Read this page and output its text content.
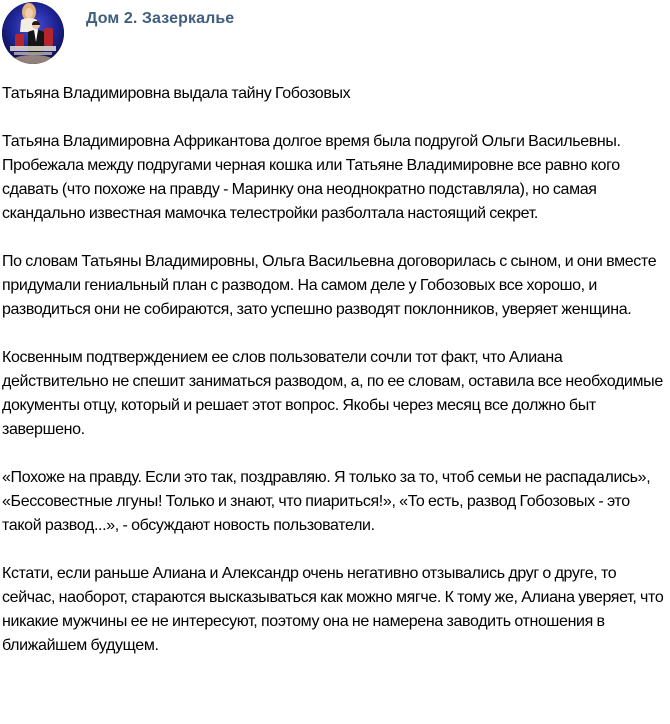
Дом 2. Зазеркалье

Татьяна Владимировна выдала тайну Гобозовых

Татьяна Владимировна Африкантова долгое время была подругой Ольги Васильевны. Пробежала между подругами черная кошка или Татьяне Владимировне все равно кого сдавать (что похоже на правду - Маринку она неоднократно подставляла), но самая скандально известная мамочка телестройки разболтала настоящий секрет.

По словам Татьяны Владимировны, Ольга Васильевна договорилась с сыном, и они вместе придумали гениальный план с разводом. На самом деле у Гобозовых все хорошо, и разводиться они не собираются, зато успешно разводят поклонников, уверяет женщина.

Косвенным подтверждением ее слов пользователи сочли тот факт, что Алиана действительно не спешит заниматься разводом, а, по ее словам, оставила все необходимые документы отцу, который и решает этот вопрос. Якобы через месяц все должно быт завершено.

«Похоже на правду. Если это так, поздравляю. Я только за то, чтоб семьи не распадались», «Бессовестные лгуны! Только и знают, что пиариться!», «То есть, развод Гобозовых - это такой развод...», - обсуждают новость пользователи.

Кстати, если раньше Алиана и Александр очень негативно отзывались друг о друге, то сейчас, наоборот, стараются высказываться как можно мягче. К тому же, Алиана уверяет, что никакие мужчины ее не интересуют, поэтому она не намерена заводить отношения в ближайшем будущем.
